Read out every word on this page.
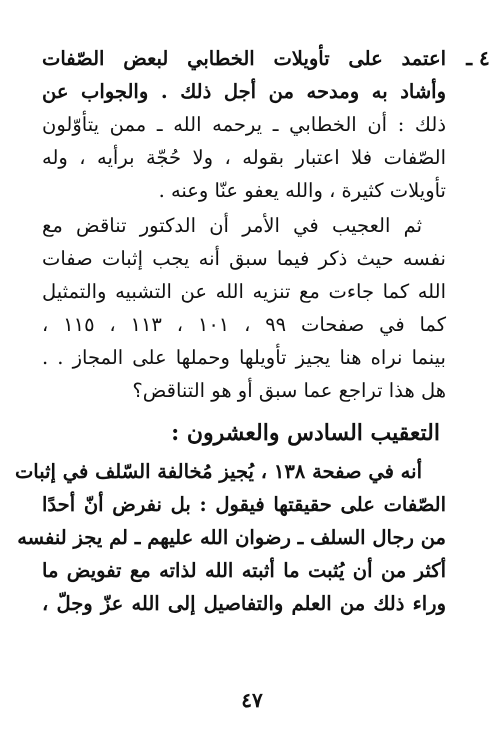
٤ ـ
اعتمد على تأويلات الخطابي لبعض الصّفات
وأشاد به ومدحه من أجل ذلك . والجواب عن
ذلك : أن الخطابي ـ يرحمه الله ـ ممن يتأوّلون
الصّفات فلا اعتبار بقوله ، ولا حُجّة برأيه ، وله
تأويلات كثيرة ، والله يعفو عنّا وعنه .
ثم العجيب في الأمر أن الدكتور تناقض مع
نفسه حيث ذكر فيما سبق أنه يجب إثبات صفات
الله كما جاءت مع تنزيه الله عن التشبيه والتمثيل
كما في صفحات ٩٩ ، ١٠١ ، ١١٣ ، ١١٥ ،
بينما نراه هنا يجيز تأويلها وحملها على المجاز . .
هل هذا تراجع عما سبق أو هو التناقض؟
التعقيب السادس والعشرون :
أنه في صفحة ١٣٨ ، يُجيز مُخالفة السّلف في إثبات
الصّفات على حقيقتها فيقول : بل نفرض أنّ أحدًا
من رجال السلف ـ رضوان الله عليهم ـ لم يجز لنفسه
أكثر من أن يُثبت ما أثبته الله لذاته مع تفويض ما
وراء ذلك من العلم والتفاصيل إلى الله عزّ وجلّ ،
٤٧
